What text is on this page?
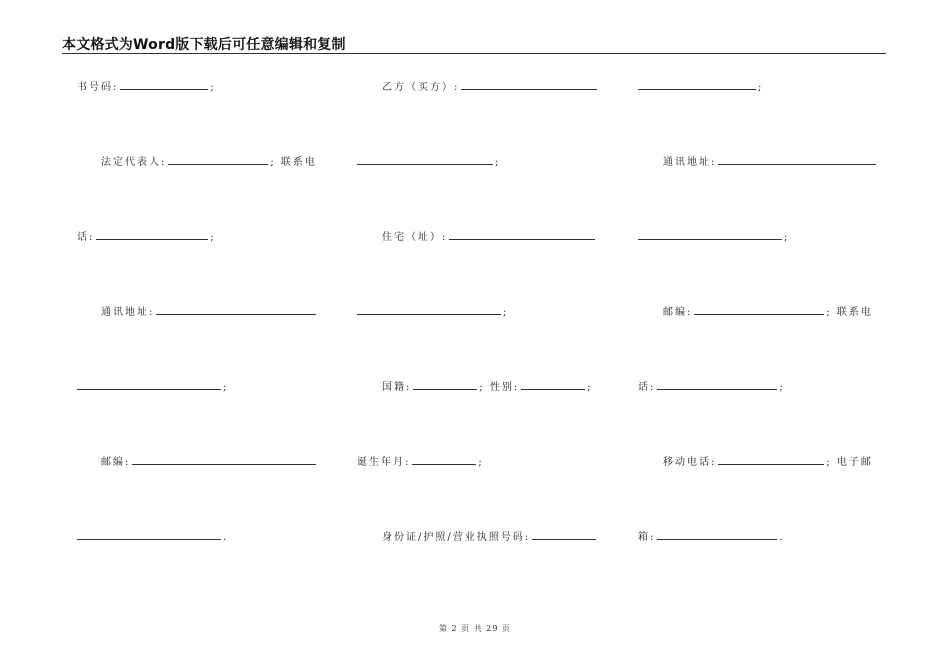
本文格式为Word版下载后可任意编辑和复制
书号码:	;	乙方（买方）:	;
法定代表人:	; 联系电	;	通讯地址:
话:	;	住宅（址）:	;
通讯地址:	;	邮编:	; 联系电
;	国籍:	; 性别:	;	话:	;
邮编:	诞生年月:	;	移动电话:	; 电子邮
.	身份证/护照/营业执照号码:	箱:	.
第 2 页 共 29 页
